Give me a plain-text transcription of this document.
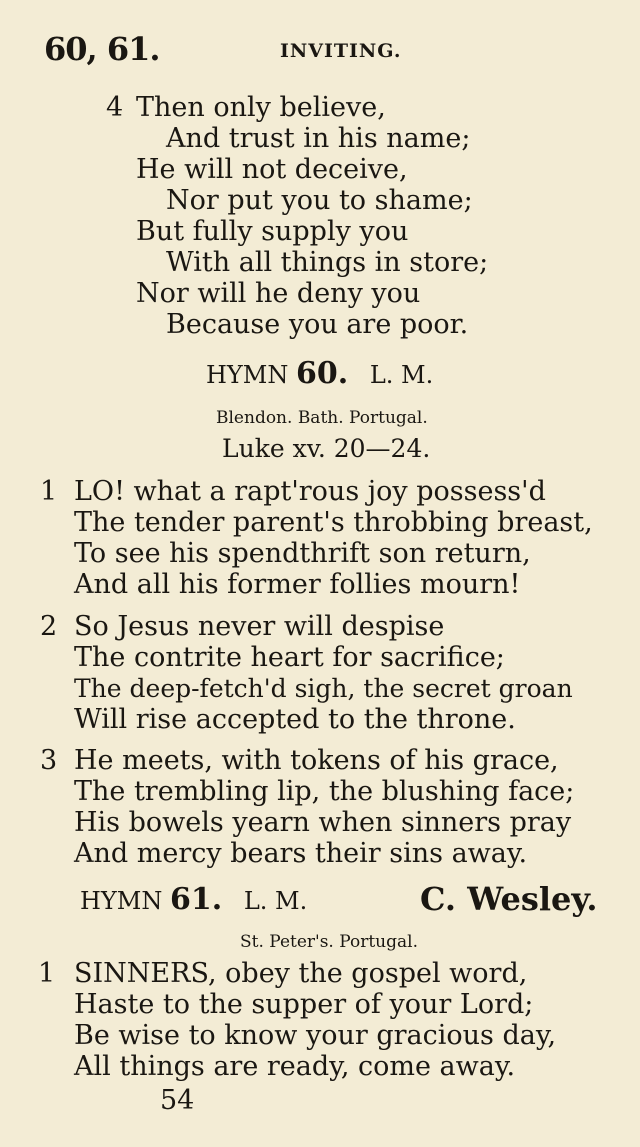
60, 61.	INVITING.
4 Then only believe,
And trust in his name;
He will not deceive,
Nor put you to shame;
But fully supply you
With all things in store;
Nor will he deny you
Because you are poor.
HYMN 60. L. M.
Blendon. Bath. Portugal.
Luke xv. 20—24.
1 LO! what a rapt'rous joy possess'd
The tender parent's throbbing breast,
To see his spendthrift son return,
And all his former follies mourn!
2 So Jesus never will despise
The contrite heart for sacrifice;
The deep-fetch'd sigh, the secret groan
Will rise accepted to the throne.
3 He meets, with tokens of his grace,
The trembling lip, the blushing face;
His bowels yearn when sinners pray
And mercy bears their sins away.
HYMN 61. L. M.	C. Wesley.
St. Peter's. Portugal.
1 SINNERS, obey the gospel word,
Haste to the supper of your Lord;
Be wise to know your gracious day,
All things are ready, come away.
54
